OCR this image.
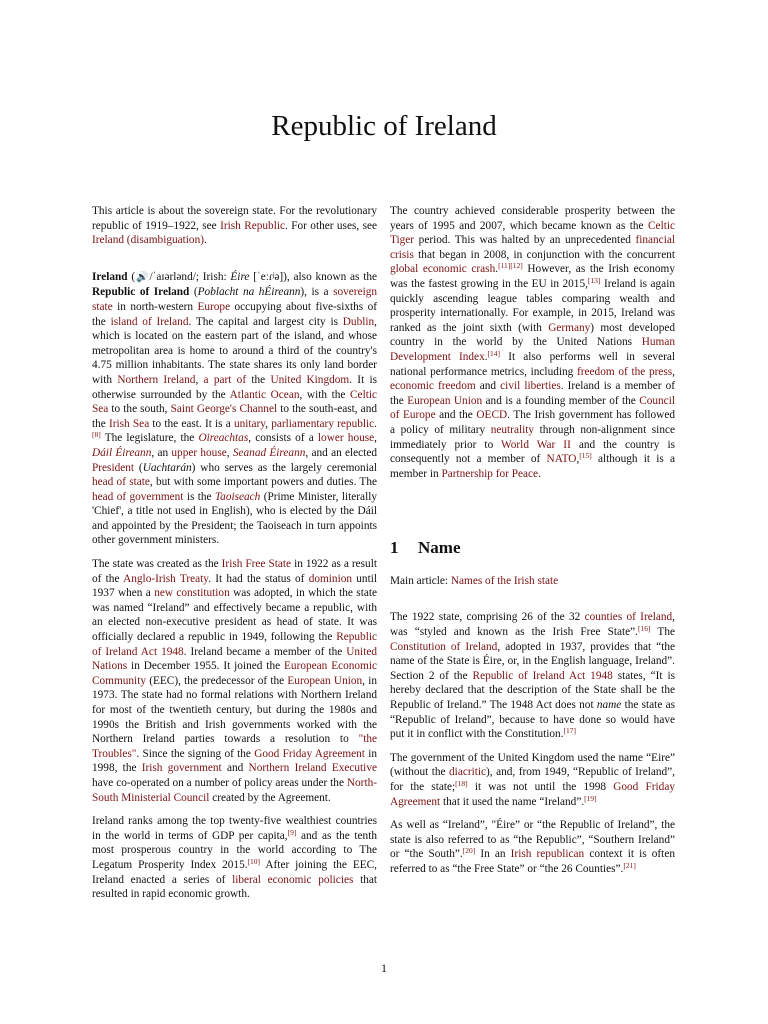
Republic of Ireland

This article is about the sovereign state. For the revolutionary republic of 1919–1922, see Irish Republic. For other uses, see Ireland (disambiguation).

Ireland (🔊/ˈaɪərlənd/; Irish: Éire [ˈeːɾʲə]), also known as the Republic of Ireland (Poblacht na hÉireann), is a sovereign state in north-western Europe occupying about five-sixths of the island of Ireland. The capital and largest city is Dublin, which is located on the eastern part of the island, and whose metropolitan area is home to around a third of the country's 4.75 million inhabitants. The state shares its only land border with Northern Ireland, a part of the United Kingdom. It is otherwise surrounded by the Atlantic Ocean, with the Celtic Sea to the south, Saint George's Channel to the south-east, and the Irish Sea to the east. It is a unitary, parliamentary republic.[8] The legislature, the Oireachtas, consists of a lower house, Dáil Éireann, an upper house, Seanad Éireann, and an elected President (Uachtarán) who serves as the largely ceremonial head of state, but with some important powers and duties. The head of government is the Taoiseach (Prime Minister, literally 'Chief', a title not used in English), who is elected by the Dáil and appointed by the President; the Taoiseach in turn appoints other government ministers.

The state was created as the Irish Free State in 1922 as a result of the Anglo-Irish Treaty. It had the status of dominion until 1937 when a new constitution was adopted, in which the state was named “Ireland” and effectively became a republic, with an elected non-executive president as head of state. It was officially declared a republic in 1949, following the Republic of Ireland Act 1948. Ireland became a member of the United Nations in December 1955. It joined the European Economic Community (EEC), the predecessor of the European Union, in 1973. The state had no formal relations with Northern Ireland for most of the twentieth century, but during the 1980s and 1990s the British and Irish governments worked with the Northern Ireland parties towards a resolution to "the Troubles". Since the signing of the Good Friday Agreement in 1998, the Irish government and Northern Ireland Executive have co-operated on a number of policy areas under the North-South Ministerial Council created by the Agreement.

Ireland ranks among the top twenty-five wealthiest countries in the world in terms of GDP per capita,[9] and as the tenth most prosperous country in the world according to The Legatum Prosperity Index 2015.[10] After joining the EEC, Ireland enacted a series of liberal economic policies that resulted in rapid economic growth.

The country achieved considerable prosperity between the years of 1995 and 2007, which became known as the Celtic Tiger period. This was halted by an unprecedented financial crisis that began in 2008, in conjunction with the concurrent global economic crash.[11][12] However, as the Irish economy was the fastest growing in the EU in 2015,[13] Ireland is again quickly ascending league tables comparing wealth and prosperity internationally. For example, in 2015, Ireland was ranked as the joint sixth (with Germany) most developed country in the world by the United Nations Human Development Index.[14] It also performs well in several national performance metrics, including freedom of the press, economic freedom and civil liberties. Ireland is a member of the European Union and is a founding member of the Council of Europe and the OECD. The Irish government has followed a policy of military neutrality through non-alignment since immediately prior to World War II and the country is consequently not a member of NATO,[15] although it is a member in Partnership for Peace.

1 Name

Main article: Names of the Irish state

The 1922 state, comprising 26 of the 32 counties of Ireland, was “styled and known as the Irish Free State”.[16] The Constitution of Ireland, adopted in 1937, provides that “the name of the State is Éire, or, in the English language, Ireland”. Section 2 of the Republic of Ireland Act 1948 states, “It is hereby declared that the description of the State shall be the Republic of Ireland.” The 1948 Act does not name the state as “Republic of Ireland”, because to have done so would have put it in conflict with the Constitution.[17]

The government of the United Kingdom used the name “Eire” (without the diacritic), and, from 1949, “Republic of Ireland”, for the state;[18] it was not until the 1998 Good Friday Agreement that it used the name “Ireland”.[19]

As well as “Ireland”, "Éire” or “the Republic of Ireland”, the state is also referred to as “the Republic”, “Southern Ireland” or “the South”.[20] In an Irish republican context it is often referred to as “the Free State” or “the 26 Counties”.[21]

1
